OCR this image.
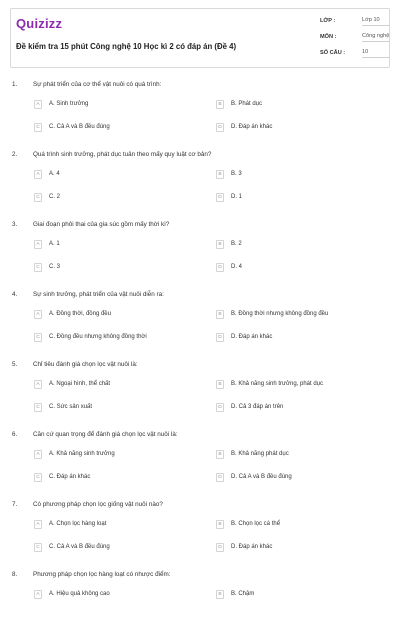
Quizizz
Đề kiểm tra 15 phút Công nghệ 10 Học kì 2 có đáp án (Đề 4)
LỚP :	Lớp 10
MÔN :	Công nghệ
SỐ CÂU :	10
1. Sự phát triển của cơ thể vật nuôi có quá trình:
A	A. Sinh trưởng	B	B. Phát dục
C	C. Cả A và B đều đúng	D	D. Đáp án khác
2. Quá trình sinh trưởng, phát dục tuân theo mấy quy luật cơ bản?
A	A. 4	B	B. 3
C	C. 2	D	D. 1
3. Giai đoạn phôi thai của gia súc gồm mấy thời kì?
A	A. 1	B	B. 2
C	C. 3	D	D. 4
4. Sự sinh trưởng, phát triển của vật nuôi diễn ra:
A	A. Đồng thời, đồng đều	B	B. Đồng thời nhưng không đồng đều
C	C. Đồng đều nhưng không đồng thời	D	D. Đáp án khác
5. Chỉ tiêu đánh giá chọn lọc vật nuôi là:
A	A. Ngoại hình, thể chất	B	B. Khả năng sinh trưởng, phát dục
C	C. Sức sản xuất	D	D. Cả 3 đáp án trên
6. Căn cứ quan trọng để đánh giá chọn lọc vật nuôi là:
A	A. Khả năng sinh trưởng	B	B. Khả năng phát dục
C	C. Đáp án khác	D	D. Cả A và B đều đúng
7. Có phương pháp chọn lọc giống vật nuôi nào?
A	A. Chọn lọc hàng loạt	B	B. Chọn lọc cá thể
C	C. Cả A và B đều đúng	D	D. Đáp án khác
8. Phương pháp chọn lọc hàng loạt có nhược điểm:
A	A. Hiệu quả không cao	B	B. Chậm
